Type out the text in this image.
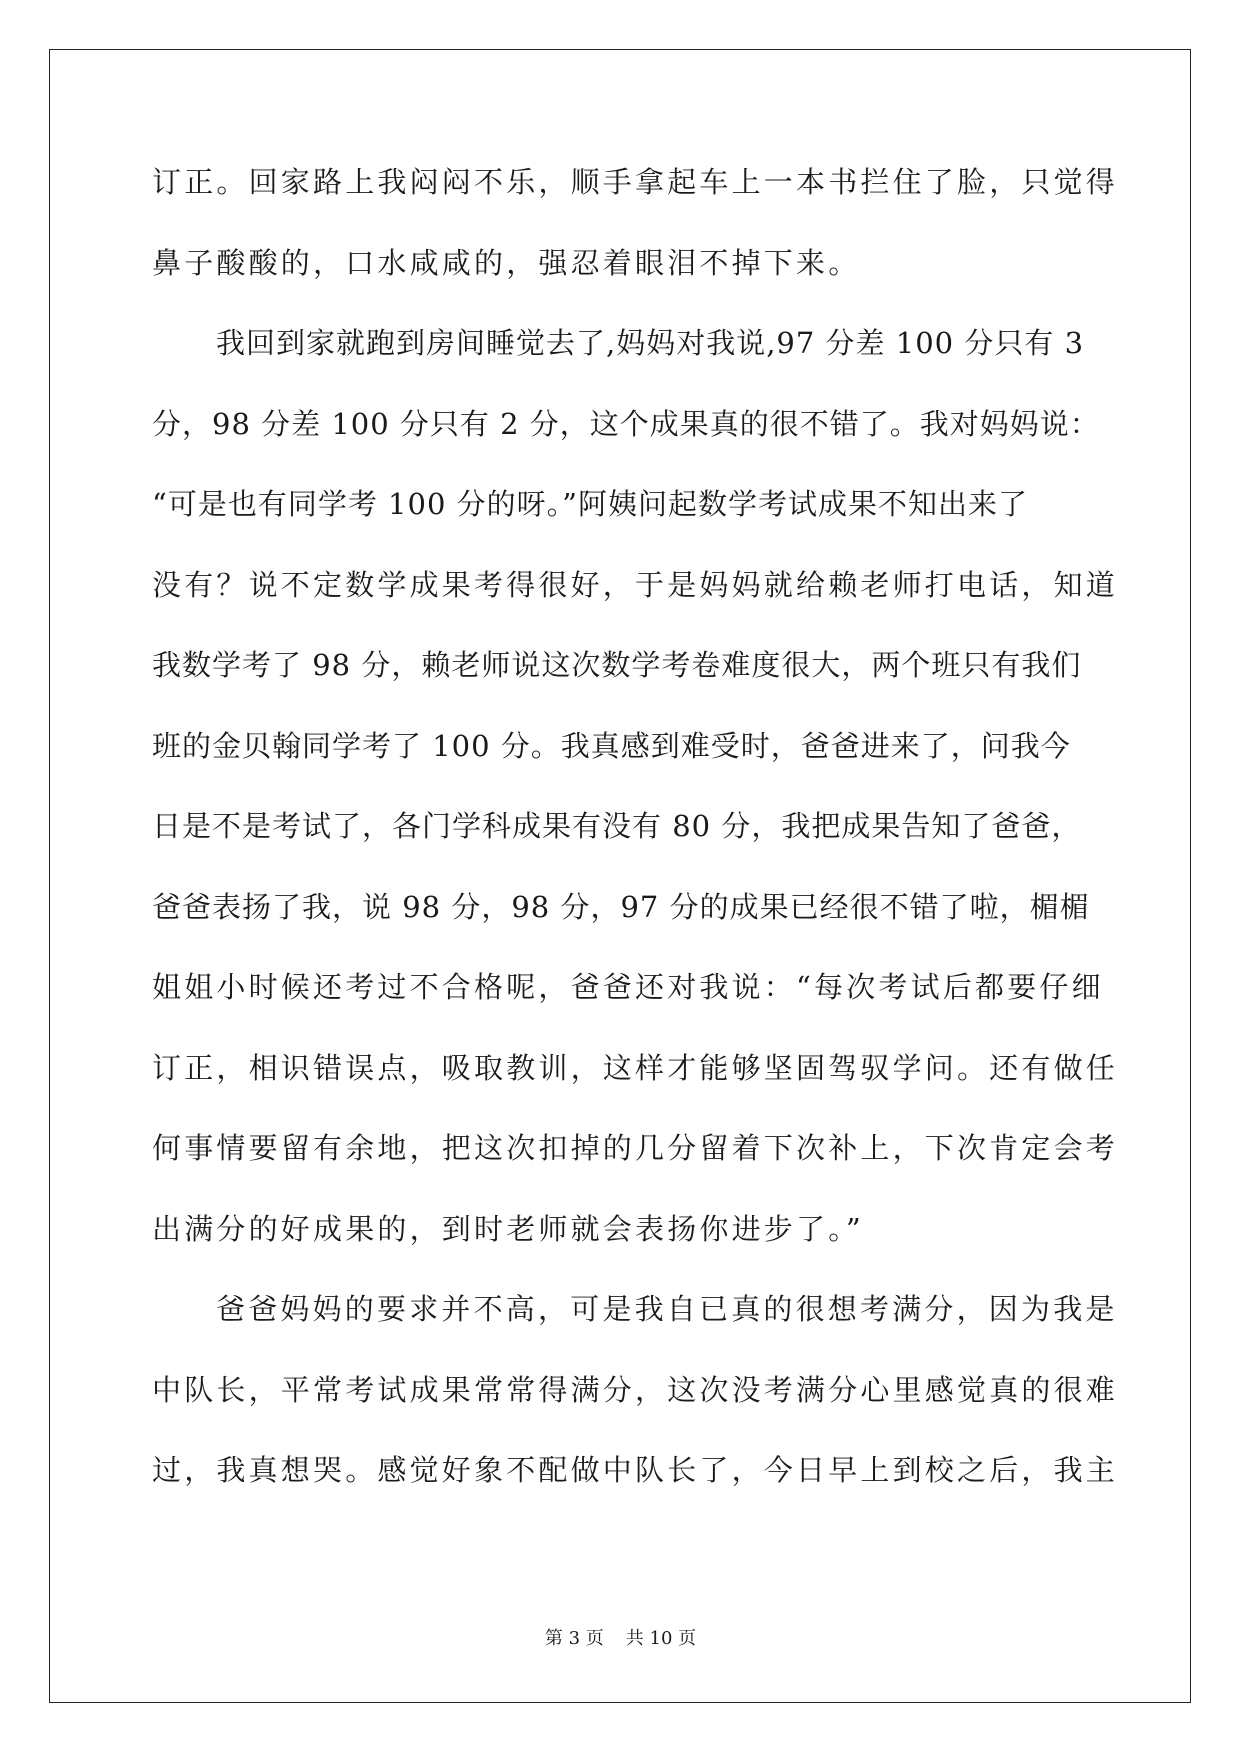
订正。回家路上我闷闷不乐，顺手拿起车上一本书拦住了脸，只觉得
鼻子酸酸的，口水咸咸的，强忍着眼泪不掉下来。
我回到家就跑到房间睡觉去了,妈妈对我说,97 分差 100 分只有 3
分，98 分差 100 分只有 2 分，这个成果真的很不错了。我对妈妈说：
“可是也有同学考 100 分的呀。”阿姨问起数学考试成果不知出来了
没有？说不定数学成果考得很好，于是妈妈就给赖老师打电话，知道
我数学考了 98 分，赖老师说这次数学考卷难度很大，两个班只有我们
班的金贝翰同学考了 100 分。我真感到难受时，爸爸进来了，问我今
日是不是考试了，各门学科成果有没有 80 分，我把成果告知了爸爸，
爸爸表扬了我，说 98 分，98 分，97 分的成果已经很不错了啦，楣楣
姐姐小时候还考过不合格呢，爸爸还对我说：“每次考试后都要仔细
订正，相识错误点，吸取教训，这样才能够坚固驾驭学问。还有做任
何事情要留有余地，把这次扣掉的几分留着下次补上，下次肯定会考
出满分的好成果的，到时老师就会表扬你进步了。”
爸爸妈妈的要求并不高，可是我自已真的很想考满分，因为我是
中队长，平常考试成果常常得满分，这次没考满分心里感觉真的很难
过，我真想哭。感觉好象不配做中队长了，今日早上到校之后，我主
第 3 页 共 10 页
